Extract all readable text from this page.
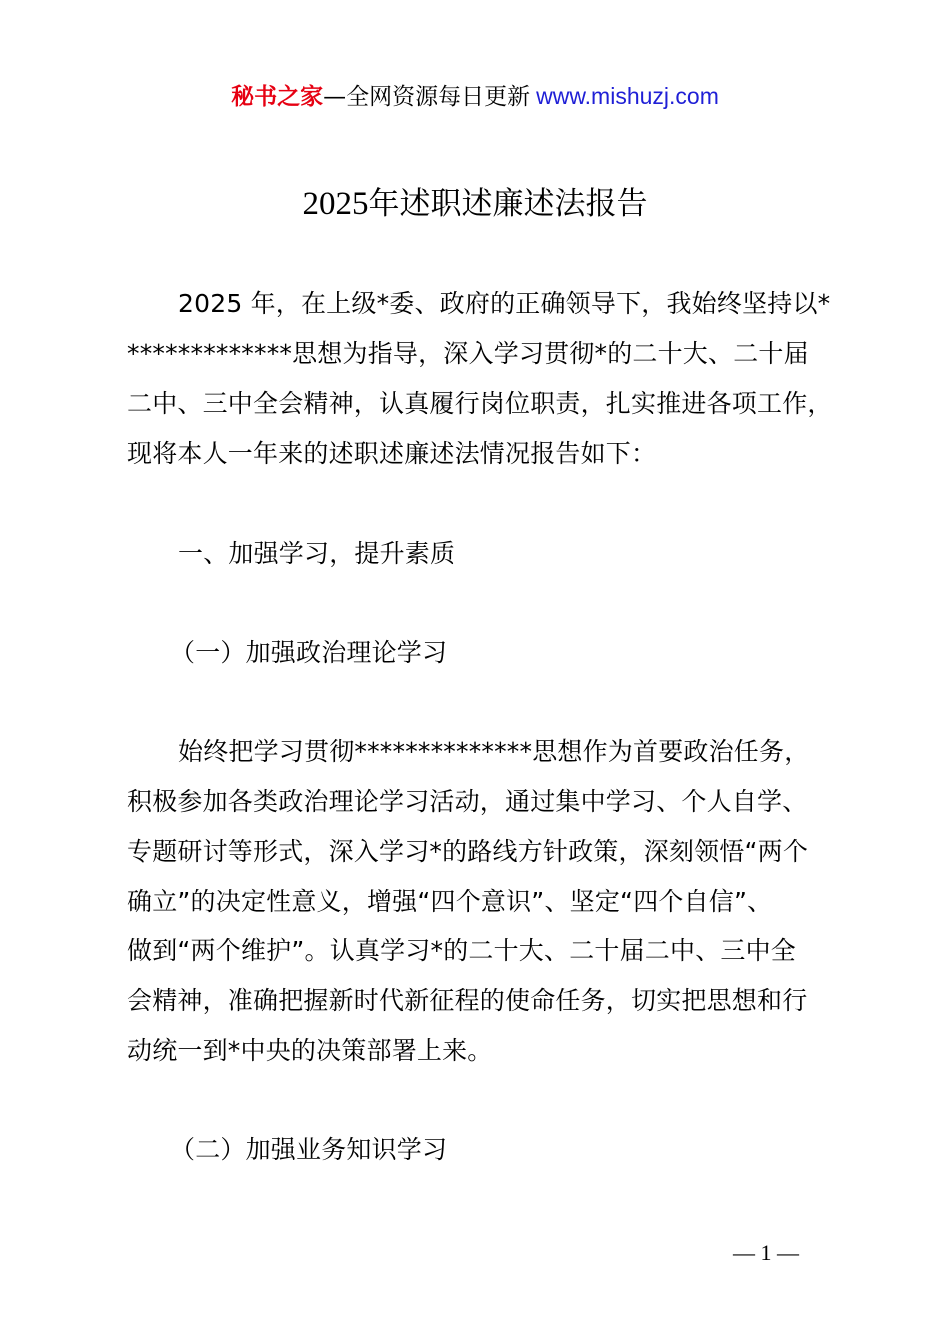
秘书之家—全网资源每日更新 www.mishuzj.com
2025年述职述廉述法报告
2025 年，在上级*委、政府的正确领导下，我始终坚持以*
*************思想为指导，深入学习贯彻*的二十大、二十届
二中、三中全会精神，认真履行岗位职责，扎实推进各项工作，
现将本人一年来的述职述廉述法情况报告如下：
一、加强学习，提升素质
（一）加强政治理论学习
始终把学习贯彻**************思想作为首要政治任务，
积极参加各类政治理论学习活动，通过集中学习、个人自学、
专题研讨等形式，深入学习*的路线方针政策，深刻领悟“两个
确立”的决定性意义，增强“四个意识”、坚定“四个自信”、
做到“两个维护”。认真学习*的二十大、二十届二中、三中全
会精神，准确把握新时代新征程的使命任务，切实把思想和行
动统一到*中央的决策部署上来。
（二）加强业务知识学习
— 1 —
